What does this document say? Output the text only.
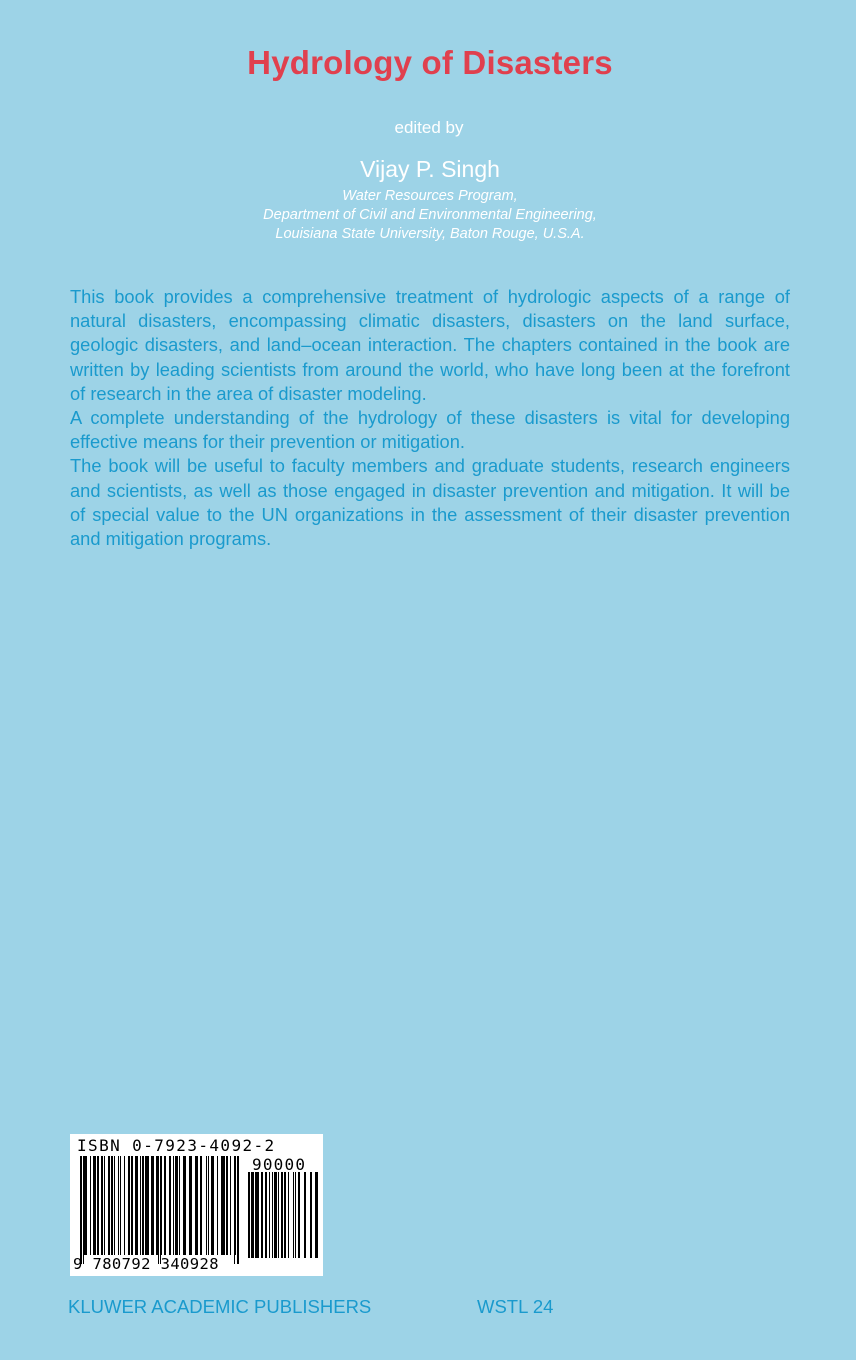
Hydrology of Disasters
edited by
Vijay P. Singh
Water Resources Program,
Department of Civil and Environmental Engineering,
Louisiana State University, Baton Rouge, U.S.A.

This book provides a comprehensive treatment of hydrologic aspects of a range of natural disasters, encompassing climatic disasters, disasters on the land surface, geologic disasters, and land–ocean interaction. The chapters contained in the book are written by leading scientists from around the world, who have long been at the forefront of research in the area of disaster modeling.

A complete understanding of the hydrology of these disasters is vital for developing effective means for their prevention or mitigation.

The book will be useful to faculty members and graduate students, research engineers and scientists, as well as those engaged in disaster prevention and mitigation. It will be of special value to the UN organizations in the assessment of their disaster prevention and mitigation programs.

ISBN 0-7923-4092-2
90000
9 780792 340928
KLUWER ACADEMIC PUBLISHERS	WSTL 24
